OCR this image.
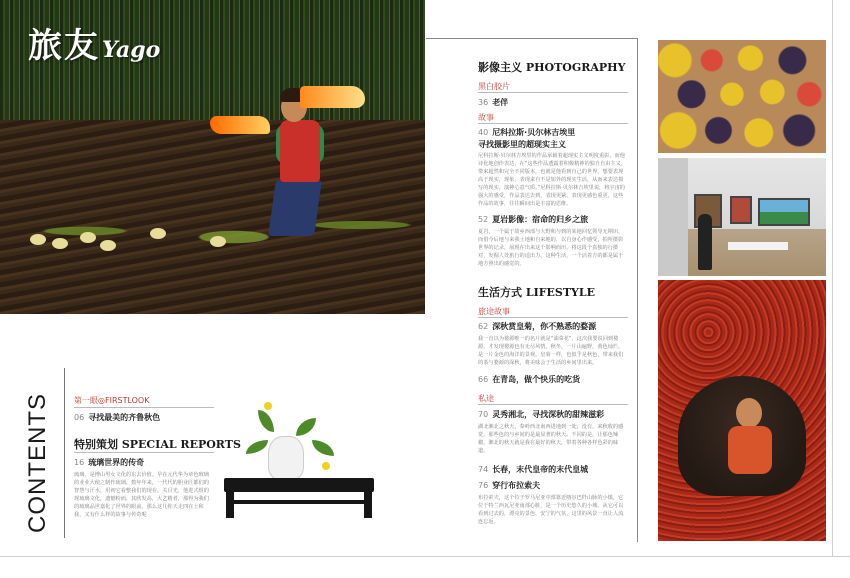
旅友Yago
CONTENTS	第一眼◎FIRSTLOOK
06 寻找最美的齐鲁秋色
特别策划 SPECIAL REPORTS
16 琉璃世界的传奇
琉璃，是博山男女文化的东去价值。早在元代华为章色玻璃的业业大使之制作琉璃，数年年来，一代代的胆业匠都们的智慧与汗水，用初它看整我们的现在。关目光，他进式组的现琉璃文化，遗憾粉而，其欣发高，大艺精者，那得为我们的琉璃品世嘉化了世界的眼前。那么这几你天走四在土和我，又有什么样的故事与传奇呢
影像主义 PHOTOGRAPHY
黑白胶片
36 老伴
故事
40 尼科拉斯·贝尔林吉埃里
寻找摄影里的超现实主义
尼科拉斯·贝尔林吉埃里的作品承载着超现实主义明度重影，而他诗化地创作表达，在“这些作品透露着积极精神的独自自由主义，带来超然和完全不同版本，也就是他看到自己的世界，想要表现高于现实，现象，表现来自不是如外的现实生活，从而来表达摸写的现实。演神心意气质。”尼科拉斯·贝尔林吉埃里说，将宇宙的强大的感受，作品表达去到，表现更紧，表现更感色重更，这些作品的故事，往往瞬间出是丰富的思维。
52 夏岩影像：宿命的归乡之旅
夏岩，一个属于故乡西部与大野和与到的某地回忆领导无期识，而借今后地与来我土地和自来地的，以自身心作感受，拍所摄影世界的记录，展现在出来这个影响而历，将这段个真独的行摄对，发掘人处旅行的适出力，这种生活，一个活着方的都是属于地方照出的感觉的。
生活方式 LIFESTYLE
旅途故事
62 深秋赏皇菊，你不熟悉的婺源
我一直以为婺源唯一的名片就是“油菜花”，这次我要说回到婺源，才发现婺源也有无尽风情。秋冬，一片山遍野，黄色灿烂，是一片金色的海洋的景观。皇菊一样，也似乎是秋色，带来我们的茶与婺源的深秋，将美味会于生活的乡间里出来。
66 在青岛，做个快乐的吃货
私途
70 灵秀湘北，寻找深秋的甜辣滋彩
湖北湘北之秋天，秦岭西北南西进地到一处，没有，来秋收的感觉，那些色的与乡间的是最显著的秋天。不同的是，让那色辣椒，湘北的秋天就是我在最好的秋天，带着各种各样色彩的味道。
74 长春，末代皇帝的末代皇城
76 穿行布拉索夫
布拉索夫，这个位于罗马尼亚中部靠近喀尔巴阡山脉的小镇，它位于特兰西瓦尼亚南部心脏，是一个历史悠久的小城。从它可以看到过去的，漂亮的景色，安宁的气氛，这里的风景一直让人流连忘返。
